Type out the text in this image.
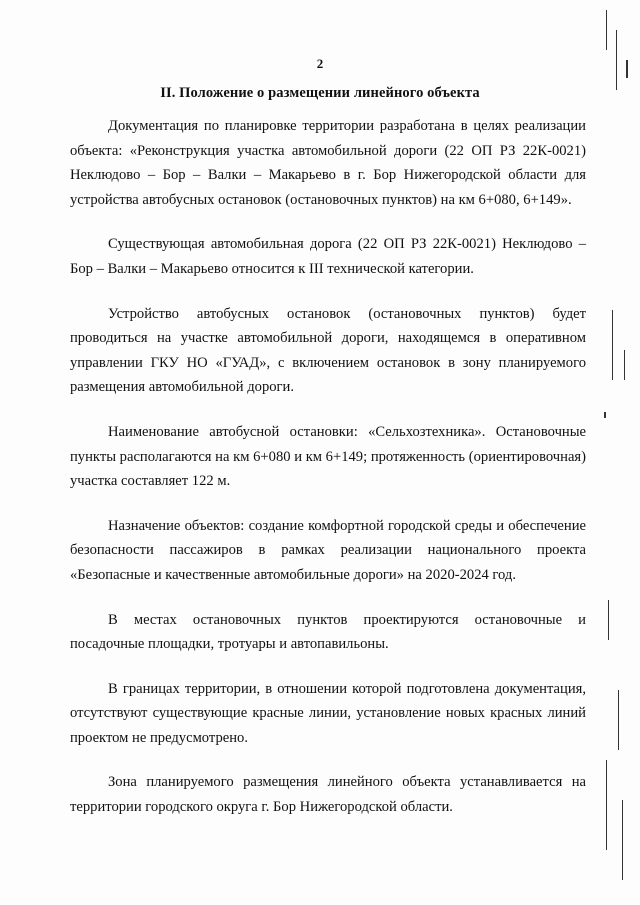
2
II. Положение о размещении линейного объекта

Документация по планировке территории разработана в целях реализации объекта: «Реконструкция участка автомобильной дороги (22 ОП РЗ 22К-0021) Неклюдово – Бор – Валки – Макарьево в г. Бор Нижегородской области для устройства автобусных остановок (остановочных пунктов) на км 6+080, 6+149».

Существующая автомобильная дорога (22 ОП РЗ 22К-0021) Неклюдово – Бор – Валки – Макарьево относится к III технической категории.

Устройство автобусных остановок (остановочных пунктов) будет проводиться на участке автомобильной дороги, находящемся в оперативном управлении ГКУ НО «ГУАД», с включением остановок в зону планируемого размещения автомобильной дороги.

Наименование автобусной остановки: «Сельхозтехника». Остановочные пункты располагаются на км 6+080 и км 6+149; протяженность (ориентировочная) участка составляет 122 м.

Назначение объектов: создание комфортной городской среды и обеспечение безопасности пассажиров в рамках реализации национального проекта «Безопасные и качественные автомобильные дороги» на 2020-2024 год.

В местах остановочных пунктов проектируются остановочные и посадочные площадки, тротуары и автопавильоны.

В границах территории, в отношении которой подготовлена документация, отсутствуют существующие красные линии, установление новых красных линий проектом не предусмотрено.

Зона планируемого размещения линейного объекта устанавливается на территории городского округа г. Бор Нижегородской области.
